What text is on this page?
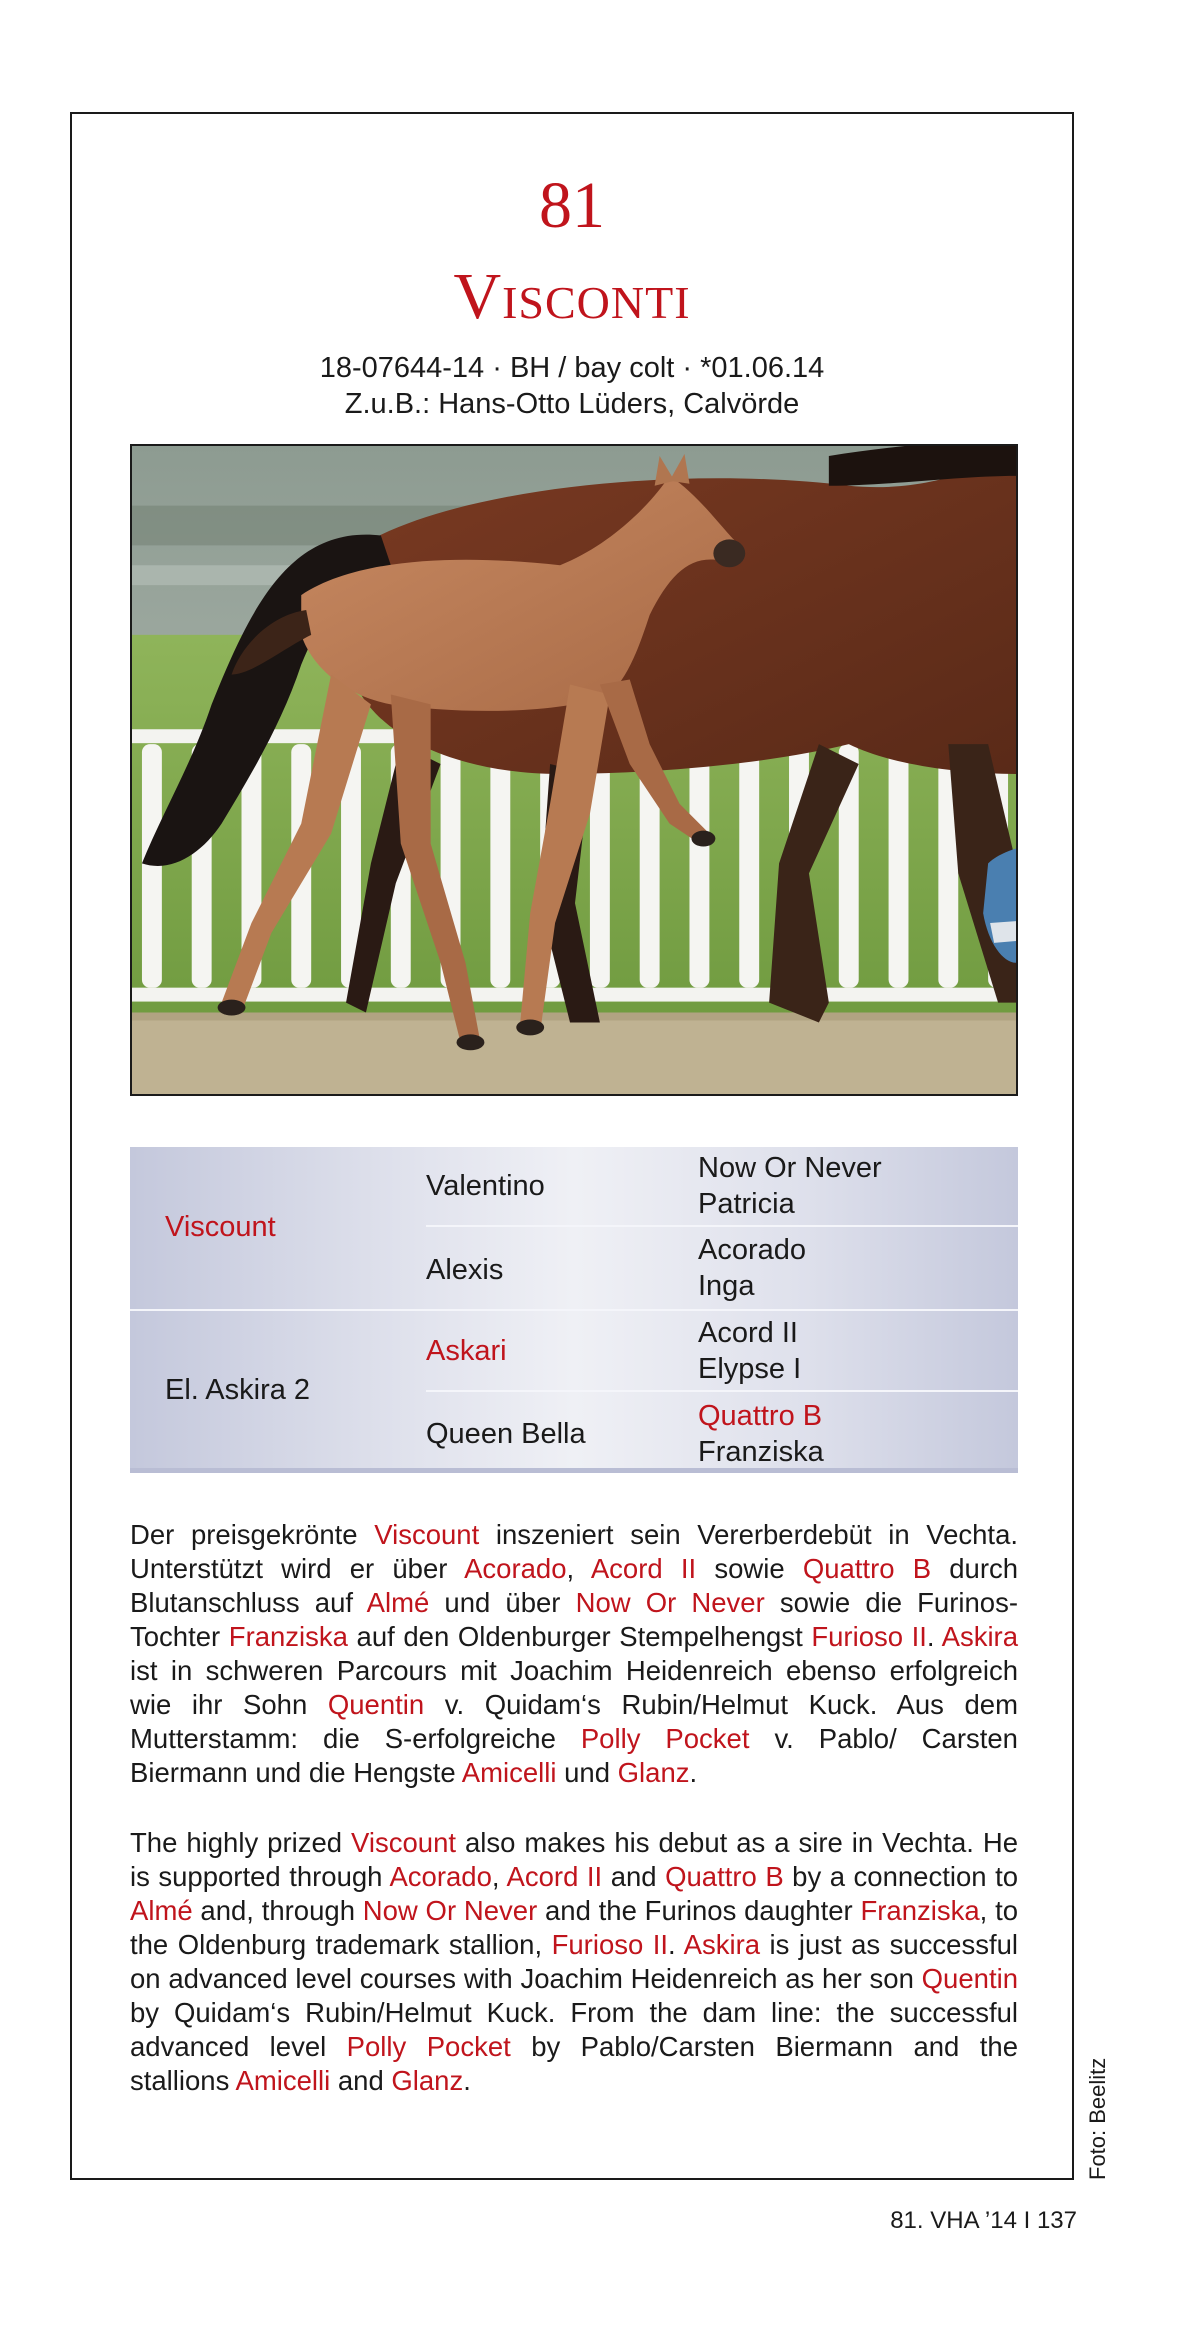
81
Visconti
18-07644-14 · BH / bay colt · *01.06.14
Z.u.B.: Hans-Otto Lüders, Calvörde
Viscount
El. Askira 2
Valentino
Alexis
Askari
Queen Bella
Now Or Never
Patricia
Acorado
Inga
Acord II
Elypse I
Quattro B
Franziska
Der preisgekrönte Viscount inszeniert sein Vererberdebüt in Vechta. Unterstützt wird er über Acorado, Acord II sowie Quattro B durch Blutanschluss auf Almé und über Now Or Never sowie die Furinos-Tochter Franziska auf den Oldenburger Stempelhengst Furioso II. Askira ist in schweren Parcours mit Joachim Heidenreich ebenso erfolgreich wie ihr Sohn Quentin v. Quidam‘s Rubin/Helmut Kuck. Aus dem Mutterstamm: die S-erfolgreiche Polly Pocket v. Pablo/ Carsten Biermann und die Hengste Amicelli und Glanz.
The highly prized Viscount also makes his debut as a sire in Vechta. He is supported through Acorado, Acord II and Quattro B by a connection to Almé and, through Now Or Never and the Furinos daughter Franziska, to the Oldenburg trademark stallion, Furioso II. Askira is just as successful on advanced level courses with Joachim Heidenreich as her son Quentin by Quidam‘s Rubin/Helmut Kuck. From the dam line: the successful advanced level Polly Pocket by Pablo/Carsten Biermann and the stallions Amicelli and Glanz.	Foto: Beelitz
81. VHA ’14 I 137
